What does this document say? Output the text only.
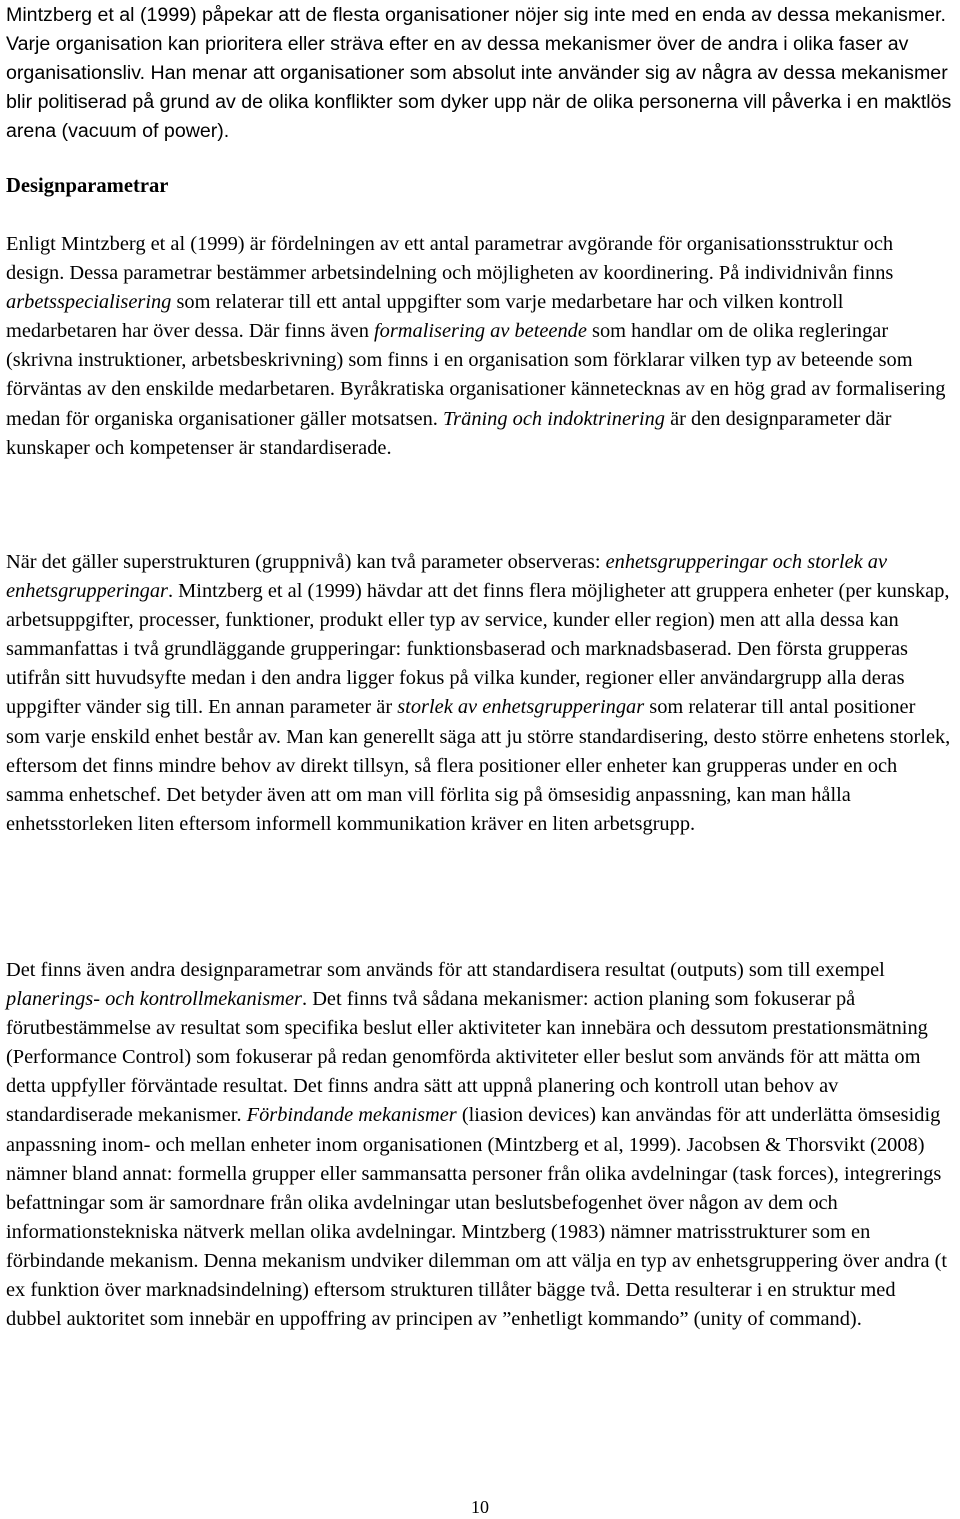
Mintzberg et al (1999) påpekar att de flesta organisationer nöjer sig inte med en enda av dessa mekanismer. Varje organisation kan prioritera eller sträva efter en av dessa mekanismer över de andra i olika faser av organisationsliv. Han menar att organisationer som absolut inte använder sig av några av dessa mekanismer blir politiserad på grund av de olika konflikter som dyker upp när de olika personerna vill påverka i en maktlös arena (vacuum of power).

Designparametrar

Enligt Mintzberg et al (1999) är fördelningen av ett antal parametrar avgörande för organisationsstruktur och design. Dessa parametrar bestämmer arbetsindelning och möjligheten av koordinering. På individnivån finns arbetsspecialisering som relaterar till ett antal uppgifter som varje medarbetare har och vilken kontroll medarbetaren har över dessa. Där finns även formalisering av beteende som handlar om de olika regleringar (skrivna instruktioner, arbetsbeskrivning) som finns i en organisation som förklarar vilken typ av beteende som förväntas av den enskilde medarbetaren. Byråkratiska organisationer kännetecknas av en hög grad av formalisering medan för organiska organisationer gäller motsatsen. Träning och indoktrinering är den designparameter där kunskaper och kompetenser är standardiserade.

När det gäller superstrukturen (gruppnivå) kan två parameter observeras: enhetsgrupperingar och storlek av enhetsgrupperingar. Mintzberg et al (1999) hävdar att det finns flera möjligheter att gruppera enheter (per kunskap, arbetsuppgifter, processer, funktioner, produkt eller typ av service, kunder eller region) men att alla dessa kan sammanfattas i två grundläggande grupperingar: funktionsbaserad och marknadsbaserad. Den första grupperas utifrån sitt huvudsyfte medan i den andra ligger fokus på vilka kunder, regioner eller användargrupp alla deras uppgifter vänder sig till. En annan parameter är storlek av enhetsgrupperingar som relaterar till antal positioner som varje enskild enhet består av. Man kan generellt säga att ju större standardisering, desto större enhetens storlek, eftersom det finns mindre behov av direkt tillsyn, så flera positioner eller enheter kan grupperas under en och samma enhetschef. Det betyder även att om man vill förlita sig på ömsesidig anpassning, kan man hålla enhetsstorleken liten eftersom informell kommunikation kräver en liten arbetsgrupp.

Det finns även andra designparametrar som används för att standardisera resultat (outputs) som till exempel planerings- och kontrollmekanismer. Det finns två sådana mekanismer: action planing som fokuserar på förutbestämmelse av resultat som specifika beslut eller aktiviteter kan innebära och dessutom prestationsmätning (Performance Control) som fokuserar på redan genomförda aktiviteter eller beslut som används för att mätta om detta uppfyller förväntade resultat. Det finns andra sätt att uppnå planering och kontroll utan behov av standardiserade mekanismer. Förbindande mekanismer (liasion devices) kan användas för att underlätta ömsesidig anpassning inom- och mellan enheter inom organisationen (Mintzberg et al, 1999). Jacobsen & Thorsvikt (2008) nämner bland annat: formella grupper eller sammansatta personer från olika avdelningar (task forces), integrerings befattningar som är samordnare från olika avdelningar utan beslutsbefogenhet över någon av dem och informationstekniska nätverk mellan olika avdelningar. Mintzberg (1983) nämner matrisstrukturer som en förbindande mekanism. Denna mekanism undviker dilemman om att välja en typ av enhetsgruppering över andra (t ex funktion över marknadsindelning) eftersom strukturen tillåter bägge två. Detta resulterar i en struktur med dubbel auktoritet som innebär en uppoffring av principen av ”enhetligt kommando” (unity of command).

10
